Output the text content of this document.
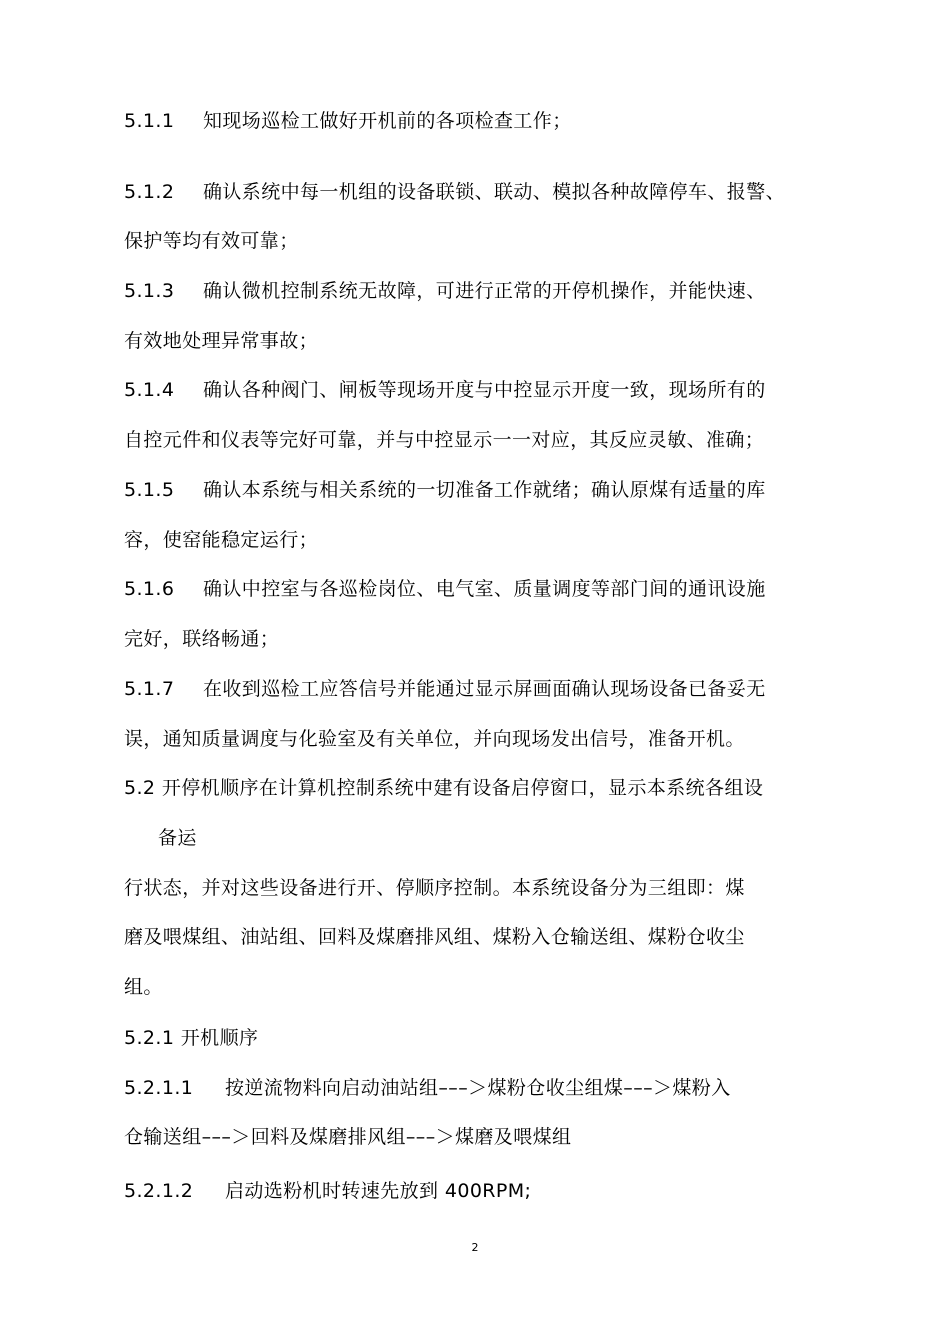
5.1.1 知现场巡检工做好开机前的各项检查工作；
5.1.2 确认系统中每一机组的设备联锁、联动、模拟各种故障停车、报警、
保护等均有效可靠；
5.1.3 确认微机控制系统无故障，可进行正常的开停机操作，并能快速、
有效地处理异常事故；
5.1.4 确认各种阀门、闸板等现场开度与中控显示开度一致，现场所有的
自控元件和仪表等完好可靠，并与中控显示一一对应，其反应灵敏、准确；
5.1.5 确认本系统与相关系统的一切准备工作就绪；确认原煤有适量的库
容，使窑能稳定运行；
5.1.6 确认中控室与各巡检岗位、电气室、质量调度等部门间的通讯设施
完好，联络畅通；
5.1.7 在收到巡检工应答信号并能通过显示屏画面确认现场设备已备妥无
误，通知质量调度与化验室及有关单位，并向现场发出信号，准备开机。
5.2 开停机顺序在计算机控制系统中建有设备启停窗口，显示本系统各组设
备运
行状态，并对这些设备进行开、停顺序控制。本系统设备分为三组即：煤
磨及喂煤组、油站组、回料及煤磨排风组、煤粉入仓输送组、煤粉仓收尘
组。
5.2.1 开机顺序
5.2.1.1 按逆流物料向启动油站组–––＞煤粉仓收尘组煤–––＞煤粉入
仓输送组–––＞回料及煤磨排风组–––＞煤磨及喂煤组
5.2.1.2 启动选粉机时转速先放到 400RPM;
2
